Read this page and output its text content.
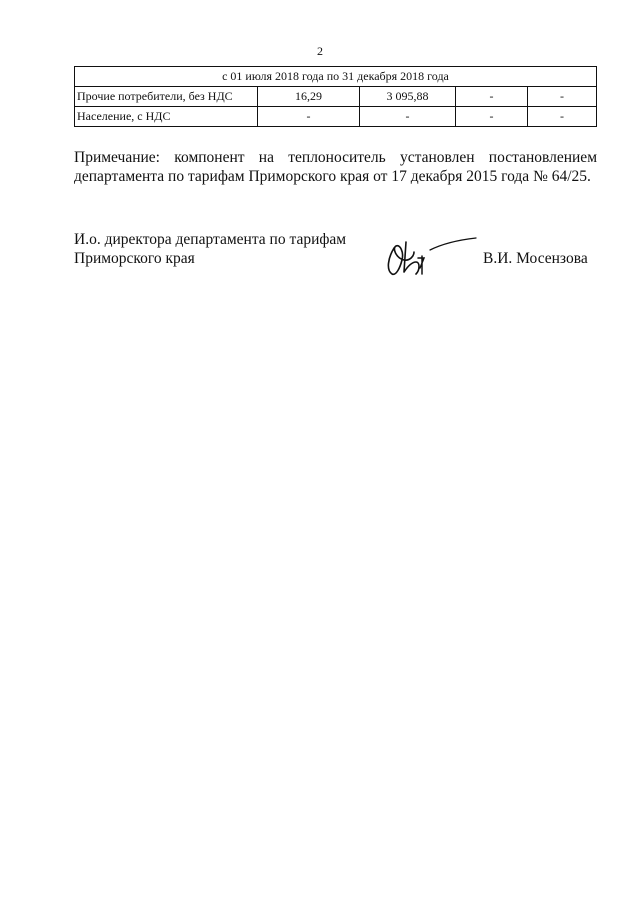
2
с 01 июля 2018 года по 31 декабря 2018 года				
Прочие потребители, без НДС	16,29	3 095,88	-	-
Население, с НДС	-	-	-	-
Примечание: компонент на теплоноситель установлен постановлением департамента по тарифам Приморского края от 17 декабря 2015 года № 64/25.
И.о. директора департамента по тарифам
Приморского края	В.И. Мосензова
